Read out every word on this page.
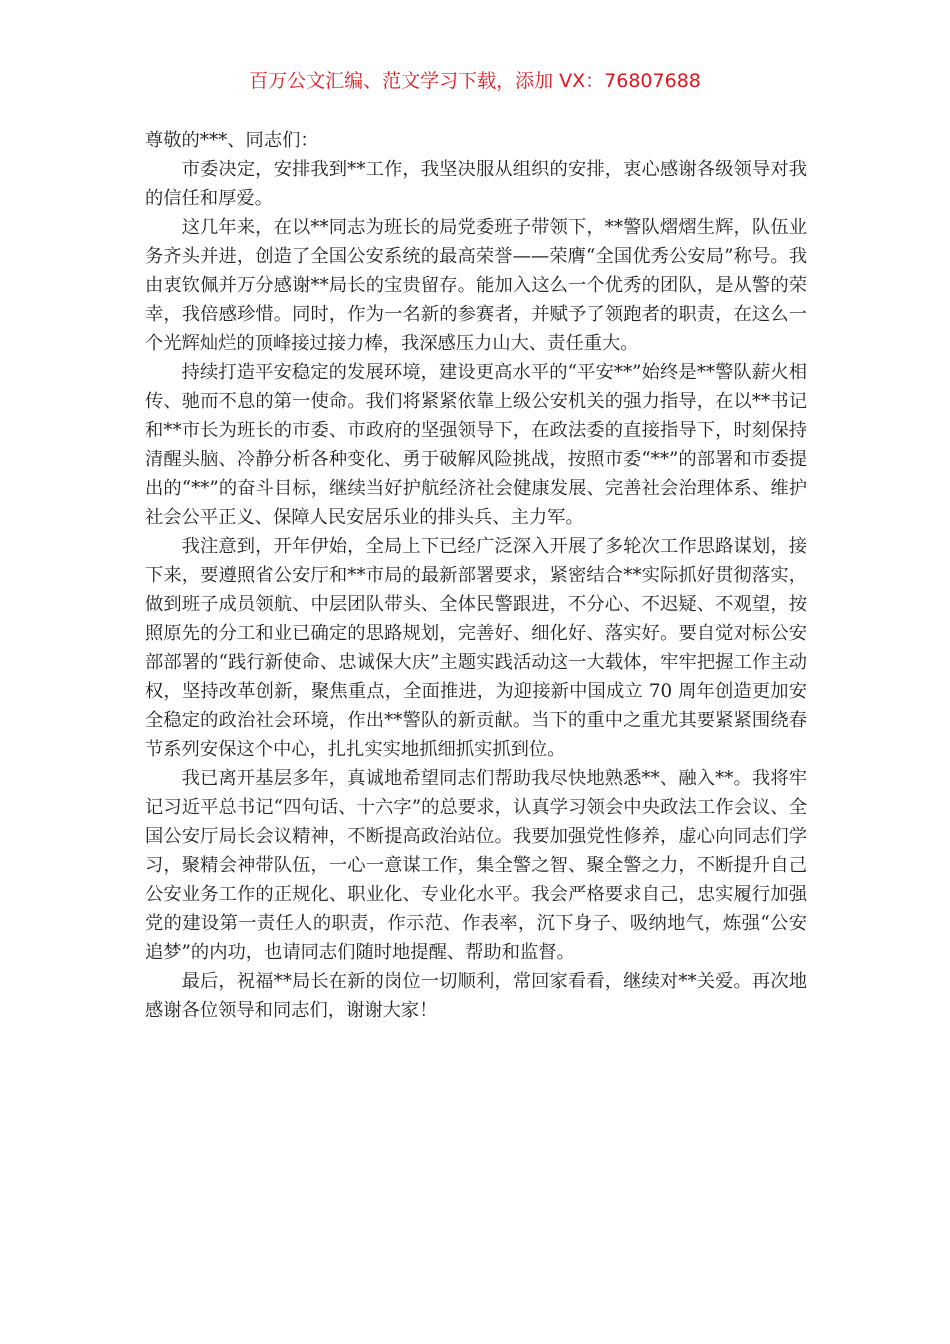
百万公文汇编、范文学习下载，添加 VX：76807688

尊敬的***、同志们：

市委决定，安排我到**工作，我坚决服从组织的安排，衷心感谢各级领导对我的信任和厚爱。

这几年来，在以**同志为班长的局党委班子带领下，**警队熠熠生辉，队伍业务齐头并进，创造了全国公安系统的最高荣誉——荣膺“全国优秀公安局”称号。我由衷钦佩并万分感谢**局长的宝贵留存。能加入这么一个优秀的团队，是从警的荣幸，我倍感珍惜。同时，作为一名新的参赛者，并赋予了领跑者的职责，在这么一个光辉灿烂的顶峰接过接力棒，我深感压力山大、责任重大。

持续打造平安稳定的发展环境，建设更高水平的“平安**”始终是**警队薪火相传、驰而不息的第一使命。我们将紧紧依靠上级公安机关的强力指导，在以**书记和**市长为班长的市委、市政府的坚强领导下，在政法委的直接指导下，时刻保持清醒头脑、冷静分析各种变化、勇于破解风险挑战，按照市委“**”的部署和市委提出的“**”的奋斗目标，继续当好护航经济社会健康发展、完善社会治理体系、维护社会公平正义、保障人民安居乐业的排头兵、主力军。

我注意到，开年伊始，全局上下已经广泛深入开展了多轮次工作思路谋划，接下来，要遵照省公安厅和**市局的最新部署要求，紧密结合**实际抓好贯彻落实，做到班子成员领航、中层团队带头、全体民警跟进，不分心、不迟疑、不观望，按照原先的分工和业已确定的思路规划，完善好、细化好、落实好。要自觉对标公安部部署的“践行新使命、忠诚保大庆”主题实践活动这一大载体，牢牢把握工作主动权，坚持改革创新，聚焦重点，全面推进，为迎接新中国成立 70 周年创造更加安全稳定的政治社会环境，作出**警队的新贡献。当下的重中之重尤其要紧紧围绕春节系列安保这个中心，扎扎实实地抓细抓实抓到位。

我已离开基层多年，真诚地希望同志们帮助我尽快地熟悉**、融入**。我将牢记习近平总书记“四句话、十六字”的总要求，认真学习领会中央政法工作会议、全国公安厅局长会议精神，不断提高政治站位。我要加强党性修养，虚心向同志们学习，聚精会神带队伍，一心一意谋工作，集全警之智、聚全警之力，不断提升自己公安业务工作的正规化、职业化、专业化水平。我会严格要求自己，忠实履行加强党的建设第一责任人的职责，作示范、作表率，沉下身子、吸纳地气，炼强“公安追梦”的内功，也请同志们随时地提醒、帮助和监督。

最后，祝福**局长在新的岗位一切顺利，常回家看看，继续对**关爱。再次地感谢各位领导和同志们，谢谢大家！
